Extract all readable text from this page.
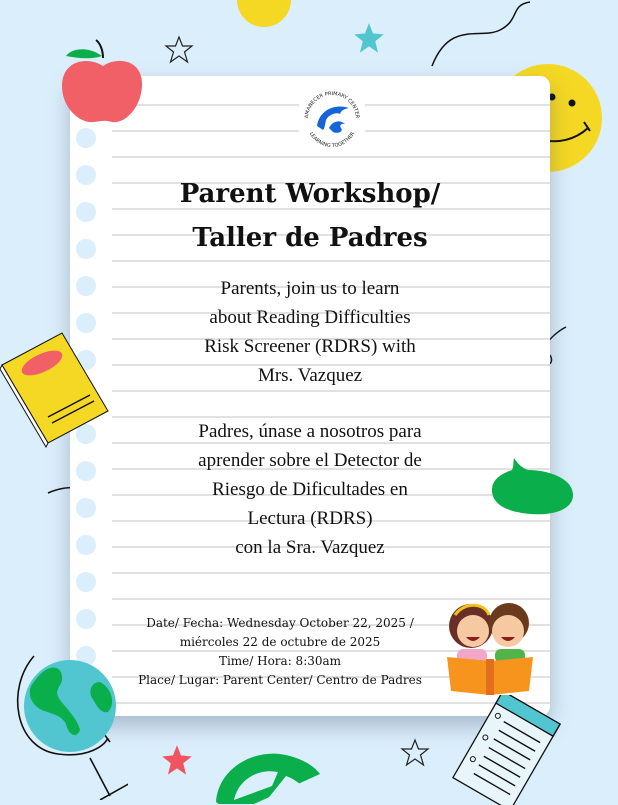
AMANECER PRIMARY CENTER
LEARNING TOGETHER
Parent Workshop/
Taller de Padres

Parents, join us to learn

about Reading Difficulties

Risk Screener (RDRS) with

Mrs. Vazquez

Padres, únase a nosotros para

aprender sobre el Detector de

Riesgo de Dificultades en

Lectura (RDRS)

con la Sra. Vazquez

Date/ Fecha: Wednesday October 22, 2025 /

miércoles 22 de octubre de 2025

Time/ Hora: 8:30am

Place/ Lugar: Parent Center/ Centro de Padres
